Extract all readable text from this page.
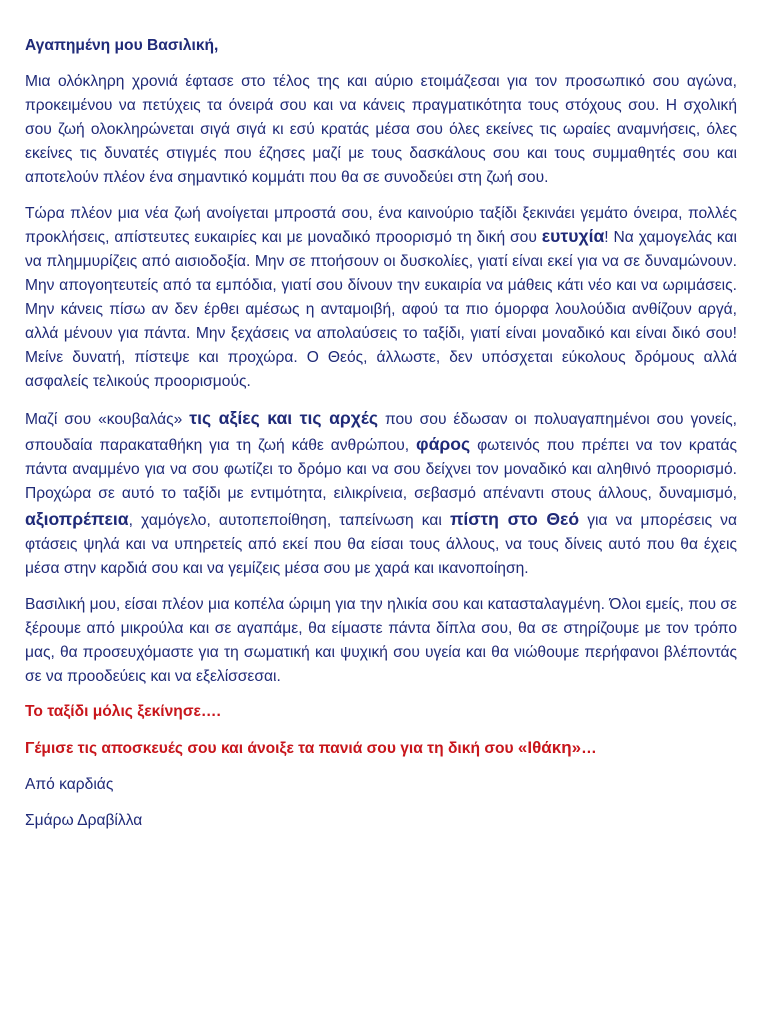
Αγαπημένη μου Βασιλική,

Μια ολόκληρη χρονιά έφτασε στο τέλος της και αύριο ετοιμάζεσαι για τον προσωπικό σου αγώνα, προκειμένου να πετύχεις τα όνειρά σου και να κάνεις πραγματικότητα τους στόχους σου. Η σχολική σου ζωή ολοκληρώνεται σιγά σιγά κι εσύ κρατάς μέσα σου όλες εκείνες τις ωραίες αναμνήσεις, όλες εκείνες τις δυνατές στιγμές που έζησες μαζί με τους δασκάλους σου και τους συμμαθητές σου και αποτελούν πλέον ένα σημαντικό κομμάτι που θα σε συνοδεύει στη ζωή σου.

Τώρα πλέον μια νέα ζωή ανοίγεται μπροστά σου, ένα καινούριο ταξίδι ξεκινάει γεμάτο όνειρα, πολλές προκλήσεις, απίστευτες ευκαιρίες και με μοναδικό προορισμό τη δική σου ευτυχία! Να χαμογελάς και να πλημμυρίζεις από αισιοδοξία. Μην σε πτοήσουν οι δυσκολίες, γιατί είναι εκεί για να σε δυναμώνουν. Μην απογοητευτείς από τα εμπόδια, γιατί σου δίνουν την ευκαιρία να μάθεις κάτι νέο και να ωριμάσεις. Μην κάνεις πίσω αν δεν έρθει αμέσως η ανταμοιβή, αφού τα πιο όμορφα λουλούδια ανθίζουν αργά, αλλά μένουν για πάντα. Μην ξεχάσεις να απολαύσεις το ταξίδι, γιατί είναι μοναδικό και είναι δικό σου! Μείνε δυνατή, πίστεψε και προχώρα. Ο Θεός, άλλωστε, δεν υπόσχεται εύκολους δρόμους αλλά ασφαλείς τελικούς προορισμούς.

Μαζί σου «κουβαλάς» τις αξίες και τις αρχές που σου έδωσαν οι πολυαγαπημένοι σου γονείς, σπουδαία παρακαταθήκη για τη ζωή κάθε ανθρώπου, φάρος φωτεινός που πρέπει να τον κρατάς πάντα αναμμένο για να σου φωτίζει το δρόμο και να σου δείχνει τον μοναδικό και αληθινό προορισμό. Προχώρα σε αυτό το ταξίδι με εντιμότητα, ειλικρίνεια, σεβασμό απέναντι στους άλλους, δυναμισμό, αξιοπρέπεια, χαμόγελο, αυτοπεποίθηση, ταπείνωση και πίστη στο Θεό για να μπορέσεις να φτάσεις ψηλά και να υπηρετείς από εκεί που θα είσαι τους άλλους, να τους δίνεις αυτό που θα έχεις μέσα στην καρδιά σου και να γεμίζεις μέσα σου με χαρά και ικανοποίηση.

Βασιλική μου, είσαι πλέον μια κοπέλα ώριμη για την ηλικία σου και κατασταλαγμένη. Όλοι εμείς, που σε ξέρουμε από μικρούλα και σε αγαπάμε, θα είμαστε πάντα δίπλα σου, θα σε στηρίζουμε με τον τρόπο μας, θα προσευχόμαστε για τη σωματική και ψυχική σου υγεία και θα νιώθουμε περήφανοι βλέποντάς σε να προοδεύεις και να εξελίσσεσαι.

Το ταξίδι μόλις ξεκίνησε….

Γέμισε τις αποσκευές σου και άνοιξε τα πανιά σου για τη δική σου «Ιθάκη»…

Από καρδιάς

Σμάρω Δραβίλλα
